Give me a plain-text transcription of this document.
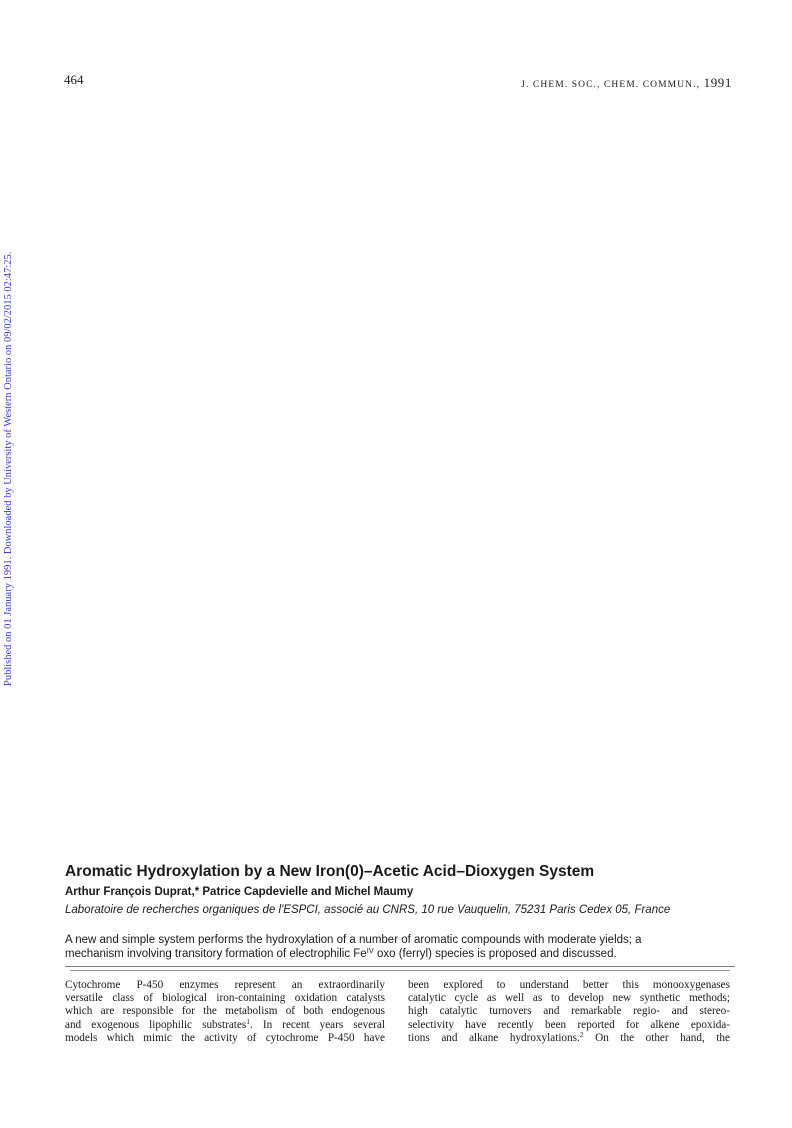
464	J. CHEM. SOC., CHEM. COMMUN., 1991
Published on 01 January 1991. Downloaded by University of Western Ontario on 09/02/2015 02:47:25.
Aromatic Hydroxylation by a New Iron(0)–Acetic Acid–Dioxygen System

Arthur François Duprat,* Patrice Capdevielle and Michel Maumy

Laboratoire de recherches organiques de l'ESPCI, associé au CNRS, 10 rue Vauquelin, 75231 Paris Cedex 05, France

A new and simple system performs the hydroxylation of a number of aromatic compounds with moderate yields; a
mechanism involving transitory formation of electrophilic $Fe^{IV}$ oxo (ferryl) species is proposed and discussed.
Cytochrome P-450 enzymes represent an extraordinarily
versatile class of biological iron-containing oxidation catalysts
which are responsible for the metabolism of both endogenous
and exogenous lipophilic substrates$^1$. In recent years several
models which mimic the activity of cytochrome P-450 have
been explored to understand better this monooxygenases
catalytic cycle as well as to develop new synthetic methods;
high catalytic turnovers and remarkable regio- and stereo-
selectivity have recently been reported for alkene epoxida-
tions and alkane hydroxylations.$^2$ On the other hand, the
